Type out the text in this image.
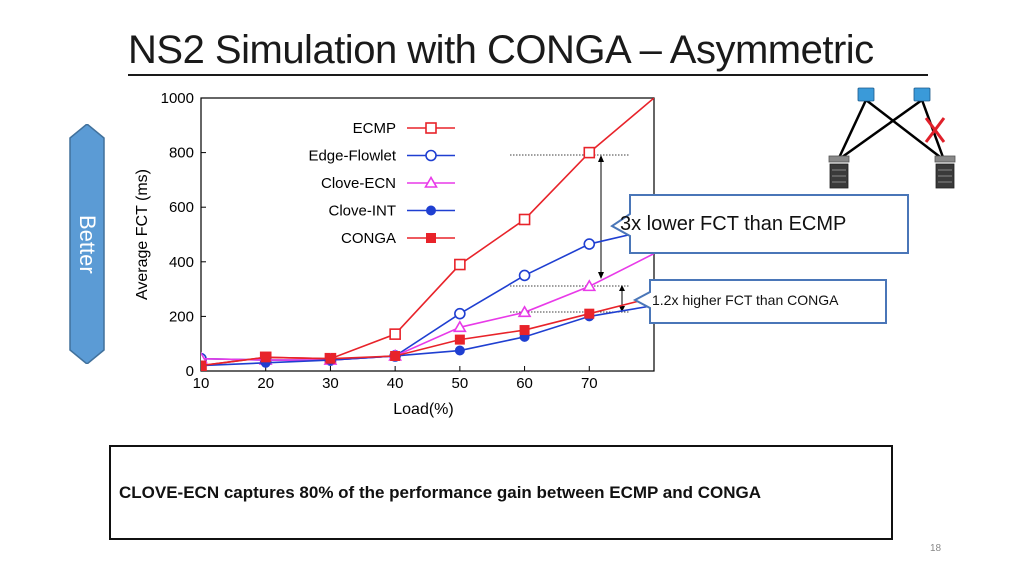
NS2 Simulation with CONGA – Asymmetric
Better
0
200
400
600
800
1000
10	20	30	40	50	60	70
Load(%)
Average FCT (ms)
ECMP
Edge-Flowlet
Clove-ECN
Clove-INT
CONGA
3x lower FCT than ECMP
1.2x higher FCT than CONGA
CLOVE-ECN captures 80% of the performance gain between ECMP and CONGA
18
